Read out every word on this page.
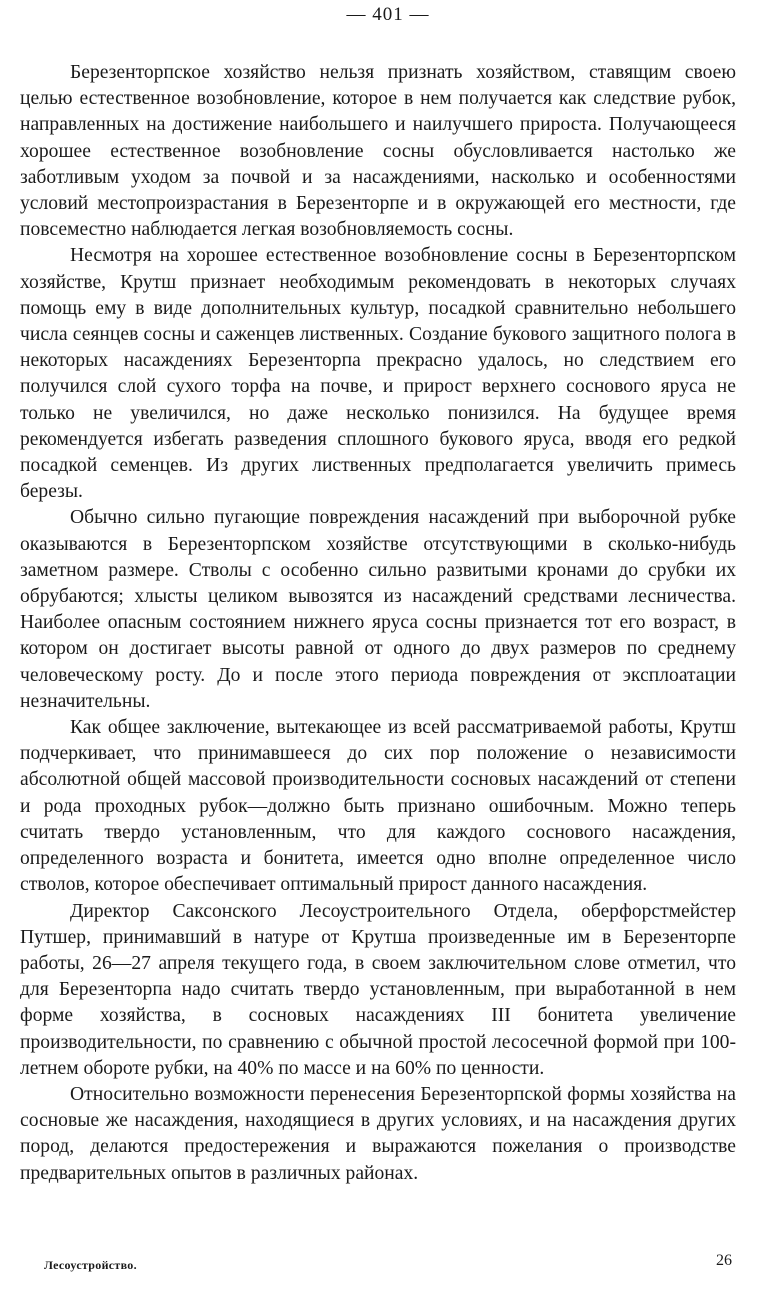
— 401 —

Березенторпское хозяйство нельзя признать хозяйством, ставящим своею целью естественное возобновление, которое в нем получается как следствие рубок, направленных на достижение наибольшего и наилучшего прироста. Получающееся хорошее естественное возобновление сосны обусловливается настолько же заботливым уходом за почвой и за насаждениями, насколько и особенностями условий местопроизрастания в Березенторпе и в окружающей его местности, где повсеместно наблюдается легкая возобновляемость сосны.

Несмотря на хорошее естественное возобновление сосны в Березенторпском хозяйстве, Крутш признает необходимым рекомендовать в некоторых случаях помощь ему в виде дополнительных культур, посадкой сравнительно небольшего числа сеянцев сосны и саженцев лиственных. Создание букового защитного полога в некоторых насаждениях Березенторпа прекрасно удалось, но следствием его получился слой сухого торфа на почве, и прирост верхнего соснового яруса не только не увеличился, но даже несколько понизился. На будущее время рекомендуется избегать разведения сплошного букового яруса, вводя его редкой посадкой семенцев. Из других лиственных предполагается увеличить примесь березы.

Обычно сильно пугающие повреждения насаждений при выборочной рубке оказываются в Березенторпском хозяйстве отсутствующими в сколько-нибудь заметном размере. Стволы с особенно сильно развитыми кронами до срубки их обрубаются; хлысты целиком вывозятся из насаждений средствами лесничества. Наиболее опасным состоянием нижнего яруса сосны признается тот его возраст, в котором он достигает высоты равной от одного до двух размеров по среднему человеческому росту. До и после этого периода повреждения от эксплоатации незначительны.

Как общее заключение, вытекающее из всей рассматриваемой работы, Крутш подчеркивает, что принимавшееся до сих пор положение о независимости абсолютной общей массовой производительности сосновых насаждений от степени и рода проходных рубок—должно быть признано ошибочным. Можно теперь считать твердо установленным, что для каждого соснового насаждения, определенного возраста и бонитета, имеется одно вполне определенное число стволов, которое обеспечивает оптимальный прирост данного насаждения.

Директор Саксонского Лесоустроительного Отдела, оберфорстмейстер Путшер, принимавший в натуре от Крутша произведенные им в Березенторпе работы, 26—27 апреля текущего года, в своем заключительном слове отметил, что для Березенторпа надо считать твердо установленным, при выработанной в нем форме хозяйства, в сосновых насаждениях III бонитета увеличение производительности, по сравнению с обычной простой лесосечной формой при 100-летнем обороте рубки, на 40% по массе и на 60% по ценности.

Относительно возможности перенесения Березенторпской формы хозяйства на сосновые же насаждения, находящиеся в других условиях, и на насаждения других пород, делаются предостережения и выражаются пожелания о производстве предварительных опытов в различных районах.

Лесоустройство.	26
